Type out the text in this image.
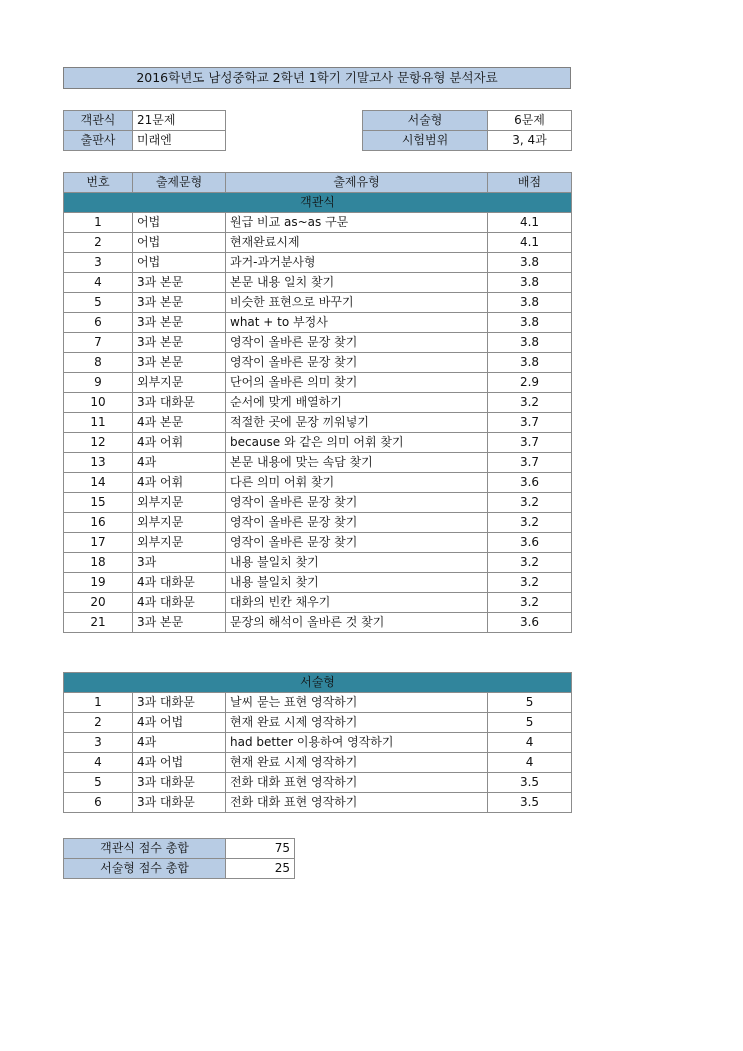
2016학년도 남성중학교 2학년 1학기 기말고사 문항유형 분석자료
객관식	21문제
출판사	미래엔
서술형	6문제
시험범위	3, 4과
번호	출제문형	출제유형	배점
객관식			
1	어법	원급 비교 as~as 구문	4.1
2	어법	현재완료시제	4.1
3	어법	과거-과거분사형	3.8
4	3과 본문	본문 내용 일치 찾기	3.8
5	3과 본문	비슷한 표현으로 바꾸기	3.8
6	3과 본문	what + to 부정사	3.8
7	3과 본문	영작이 올바른 문장 찾기	3.8
8	3과 본문	영작이 올바른 문장 찾기	3.8
9	외부지문	단어의 올바른 의미 찾기	2.9
10	3과 대화문	순서에 맞게 배열하기	3.2
11	4과 본문	적절한 곳에 문장 끼워넣기	3.7
12	4과 어휘	because 와 같은 의미 어휘 찾기	3.7
13	4과	본문 내용에 맞는 속담 찾기	3.7
14	4과 어휘	다른 의미 어휘 찾기	3.6
15	외부지문	영작이 올바른 문장 찾기	3.2
16	외부지문	영작이 올바른 문장 찾기	3.2
17	외부지문	영작이 올바른 문장 찾기	3.6
18	3과	내용 불일치 찾기	3.2
19	4과 대화문	내용 불일치 찾기	3.2
20	4과 대화문	대화의 빈칸 채우기	3.2
21	3과 본문	문장의 해석이 올바른 것 찾기	3.6
서술형			
1	3과 대화문	날씨 묻는 표현 영작하기	5
2	4과 어법	현재 완료 시제 영작하기	5
3	4과	had better 이용하여 영작하기	4
4	4과 어법	현재 완료 시제 영작하기	4
5	3과 대화문	전화 대화 표현 영작하기	3.5
6	3과 대화문	전화 대화 표현 영작하기	3.5
객관식 점수 총합	75
서술형 점수 총합	25
